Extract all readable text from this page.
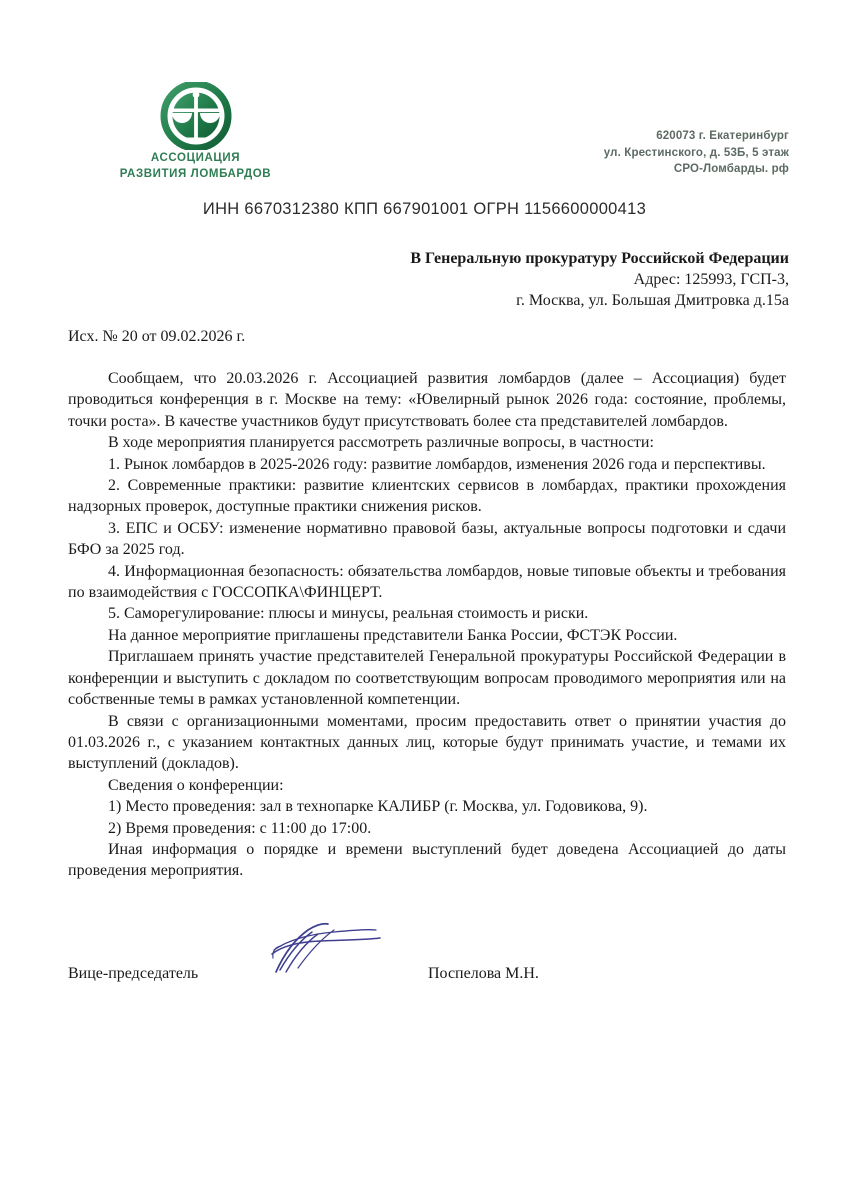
АССОЦИАЦИЯ
РАЗВИТИЯ ЛОМБАРДОВ
620073 г. Екатеринбург
ул. Крестинского, д. 53Б, 5 этаж
СРО-Ломбарды. рф
ИНН 6670312380 КПП 667901001 ОГРН 1156600000413
В Генеральную прокуратуру Российской Федерации
Адрес: 125993, ГСП-3,
г. Москва, ул. Большая Дмитровка д.15а
Исх. № 20 от 09.02.2026 г.

Сообщаем, что 20.03.2026 г. Ассоциацией развития ломбардов (далее – Ассоциация) будет проводиться конференция в г. Москве на тему: «Ювелирный рынок 2026 года: состояние, проблемы, точки роста». В качестве участников будут присутствовать более ста представителей ломбардов.

В ходе мероприятия планируется рассмотреть различные вопросы, в частности:

1. Рынок ломбардов в 2025-2026 году: развитие ломбардов, изменения 2026 года и перспективы.

2. Современные практики: развитие клиентских сервисов в ломбардах, практики прохождения надзорных проверок, доступные практики снижения рисков.

3. ЕПС и ОСБУ: изменение нормативно правовой базы, актуальные вопросы подготовки и сдачи БФО за 2025 год.

4. Информационная безопасность: обязательства ломбардов, новые типовые объекты и требования по взаимодействия с ГОССОПКА\ФИНЦЕРТ.

5. Саморегулирование: плюсы и минусы, реальная стоимость и риски.

На данное мероприятие приглашены представители Банка России, ФСТЭК России.

Приглашаем принять участие представителей Генеральной прокуратуры Российской Федерации в конференции и выступить с докладом по соответствующим вопросам проводимого мероприятия или на собственные темы в рамках установленной компетенции.

В связи с организационными моментами, просим предоставить ответ о принятии участия до 01.03.2026 г., с указанием контактных данных лиц, которые будут принимать участие, и темами их выступлений (докладов).

Сведения о конференции:

1) Место проведения: зал в технопарке КАЛИБР (г. Москва, ул. Годовикова, 9).

2) Время проведения: с 11:00 до 17:00.

Иная информация о порядке и времени выступлений будет доведена Ассоциацией до даты проведения мероприятия.

Вице-председатель	Поспелова М.Н.
